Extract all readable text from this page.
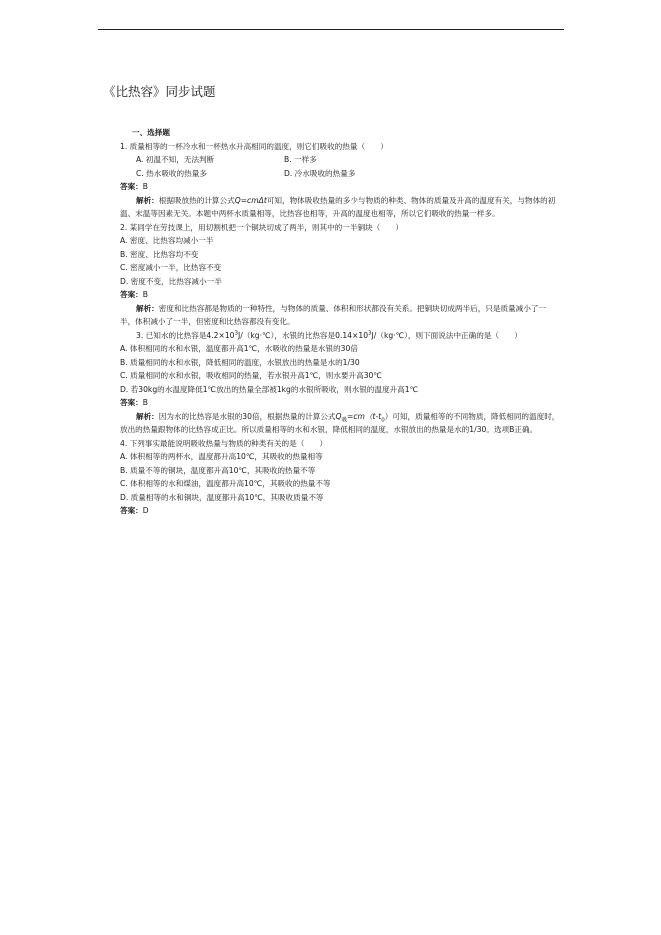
《比热容》同步试题

一、选择题

1. 质量相等的一杯冷水和一杯热水升高相同的温度，则它们吸收的热量（　　）

A. 初温不知，无法判断	B. 一样多
C. 热水吸收的热量多	D. 冷水吸收的热量多

答案：B

解析：根据吸放热的计算公式Q=cmΔt可知，物体吸收热量的多少与物质的种类、物体的质量及升高的温度有关，与物体的初温、末温等因素无关。本题中两杯水质量相等，比热容也相等，升高的温度也相等，所以它们吸收的热量一样多。

2. 某同学在劳技课上，用切割机把一个铜块切成了两半，则其中的一半铜块（　　）

A. 密度、比热容均减小一半

B. 密度、比热容均不变

C. 密度减小一半，比热容不变

D. 密度不变，比热容减小一半

答案：B

解析：密度和比热容都是物质的一种特性，与物体的质量、体积和形状都没有关系。把铜块切成两半后，只是质量减小了一半，体积减小了一半，但密度和比热容都没有变化。

3. 已知水的比热容是$4.2\times 10^3J/(kg\cdot℃)$，水银的比热容是$0.14\times 10^3J/(kg\cdot℃)$，则下面说法中正确的是（　　）

A. 体积相同的水和水银，温度都升高1℃，水吸收的热量是水银的30倍

B. 质量相同的水和水银，降低相同的温度，水银放出的热量是水的1/30

C. 质量相同的水和水银，吸收相同的热量，若水银升高1℃，则水要升高30℃

D. 若30kg的水温度降低1℃放出的热量全部被1kg的水银所吸收，则水银的温度升高1℃

答案：B

解析：因为水的比热容是水银的30倍，根据热量的计算公式$Q_吸=cm(t-t_0)$可知，质量相等的不同物质，降低相同的温度时，放出的热量跟物体的比热容成正比。所以质量相等的水和水银，降低相同的温度，水银放出的热量是水的1/30。选项B正确。

4. 下列事实最能说明吸收热量与物质的种类有关的是（　　）

A. 体积相等的两杯水，温度都升高10℃，其吸收的热量相等

B. 质量不等的铜块，温度都升高10℃，其吸收的热量不等

C. 体积相等的水和煤油，温度都升高10℃，其吸收的热量不等

D. 质量相等的水和铜块，温度都升高10℃，其吸收质量不等

答案：D
